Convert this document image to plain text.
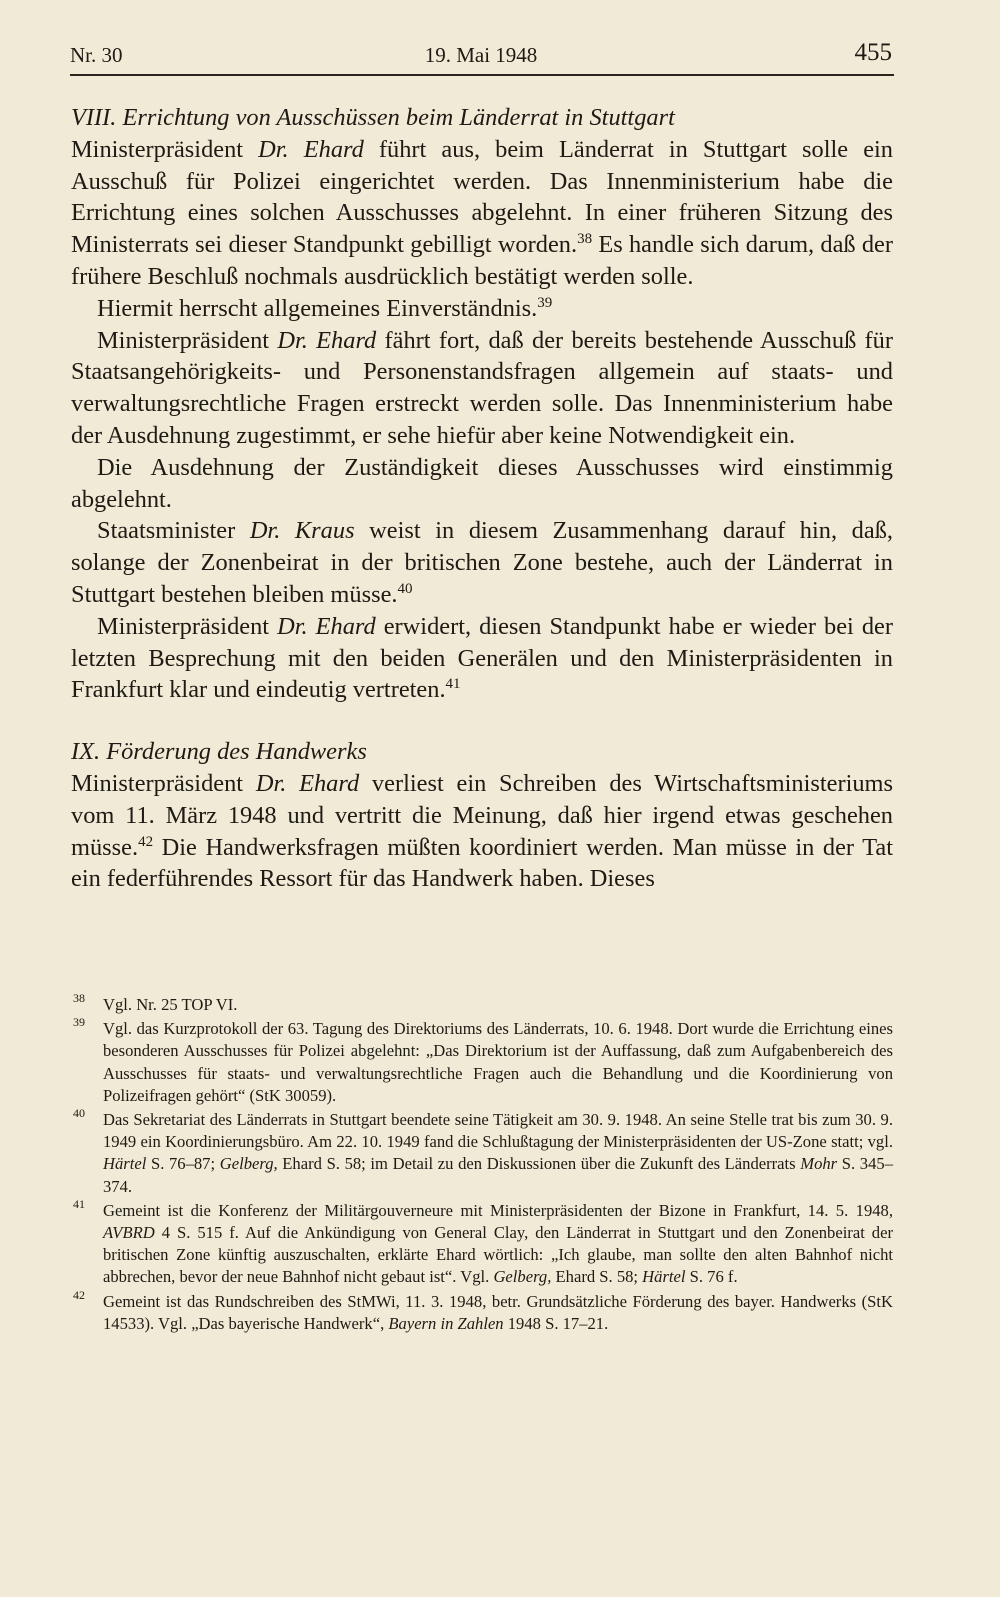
Nr. 30	19. Mai 1948	455
VIII. Errichtung von Ausschüssen beim Länderrat in Stuttgart

Ministerpräsident Dr. Ehard führt aus, beim Länderrat in Stuttgart solle ein Ausschuß für Polizei eingerichtet werden. Das Innenministerium habe die Errichtung eines solchen Ausschusses abgelehnt. In einer früheren Sitzung des Ministerrats sei dieser Standpunkt gebilligt worden.$^{38}$ Es handle sich darum, daß der frühere Beschluß nochmals ausdrücklich bestätigt werden solle.

Hiermit herrscht allgemeines Einverständnis.$^{39}$

Ministerpräsident Dr. Ehard fährt fort, daß der bereits bestehende Ausschuß für Staatsangehörigkeits- und Personenstandsfragen allgemein auf staats- und verwaltungsrechtliche Fragen erstreckt werden solle. Das Innenministerium habe der Ausdehnung zugestimmt, er sehe hiefür aber keine Notwendigkeit ein.

Die Ausdehnung der Zuständigkeit dieses Ausschusses wird einstimmig abgelehnt.

Staatsminister Dr. Kraus weist in diesem Zusammenhang darauf hin, daß, solange der Zonenbeirat in der britischen Zone bestehe, auch der Länderrat in Stuttgart bestehen bleiben müsse.$^{40}$

Ministerpräsident Dr. Ehard erwidert, diesen Standpunkt habe er wieder bei der letzten Besprechung mit den beiden Generälen und den Ministerpräsidenten in Frankfurt klar und eindeutig vertreten.$^{41}$

IX. Förderung des Handwerks

Ministerpräsident Dr. Ehard verliest ein Schreiben des Wirtschaftsministeriums vom 11. März 1948 und vertritt die Meinung, daß hier irgend etwas geschehen müsse.$^{42}$ Die Handwerksfragen müßten koordiniert werden. Man müsse in der Tat ein federführendes Ressort für das Handwerk haben. Dieses

38 Vgl. Nr. 25 TOP VI.
39 Vgl. das Kurzprotokoll der 63. Tagung des Direktoriums des Länderrats, 10. 6. 1948. Dort wurde die Errichtung eines besonderen Ausschusses für Polizei abgelehnt: „Das Direktorium ist der Auffassung, daß zum Aufgabenbereich des Ausschusses für staats- und verwaltungsrechtliche Fragen auch die Behandlung und die Koordinierung von Polizeifragen gehört“ (StK 30059).
40 Das Sekretariat des Länderrats in Stuttgart beendete seine Tätigkeit am 30. 9. 1948. An seine Stelle trat bis zum 30. 9. 1949 ein Koordinierungsbüro. Am 22. 10. 1949 fand die Schlußtagung der Ministerpräsidenten der US-Zone statt; vgl. Härtel S. 76–87; Gelberg, Ehard S. 58; im Detail zu den Diskussionen über die Zukunft des Länderrats Mohr S. 345–374.
41 Gemeint ist die Konferenz der Militärgouverneure mit Ministerpräsidenten der Bizone in Frankfurt, 14. 5. 1948, AVBRD 4 S. 515 f. Auf die Ankündigung von General Clay, den Länderrat in Stuttgart und den Zonenbeirat der britischen Zone künftig auszuschalten, erklärte Ehard wörtlich: „Ich glaube, man sollte den alten Bahnhof nicht abbrechen, bevor der neue Bahnhof nicht gebaut ist“. Vgl. Gelberg, Ehard S. 58; Härtel S. 76 f.
42 Gemeint ist das Rundschreiben des StMWi, 11. 3. 1948, betr. Grundsätzliche Förderung des bayer. Handwerks (StK 14533). Vgl. „Das bayerische Handwerk“, Bayern in Zahlen 1948 S. 17–21.
